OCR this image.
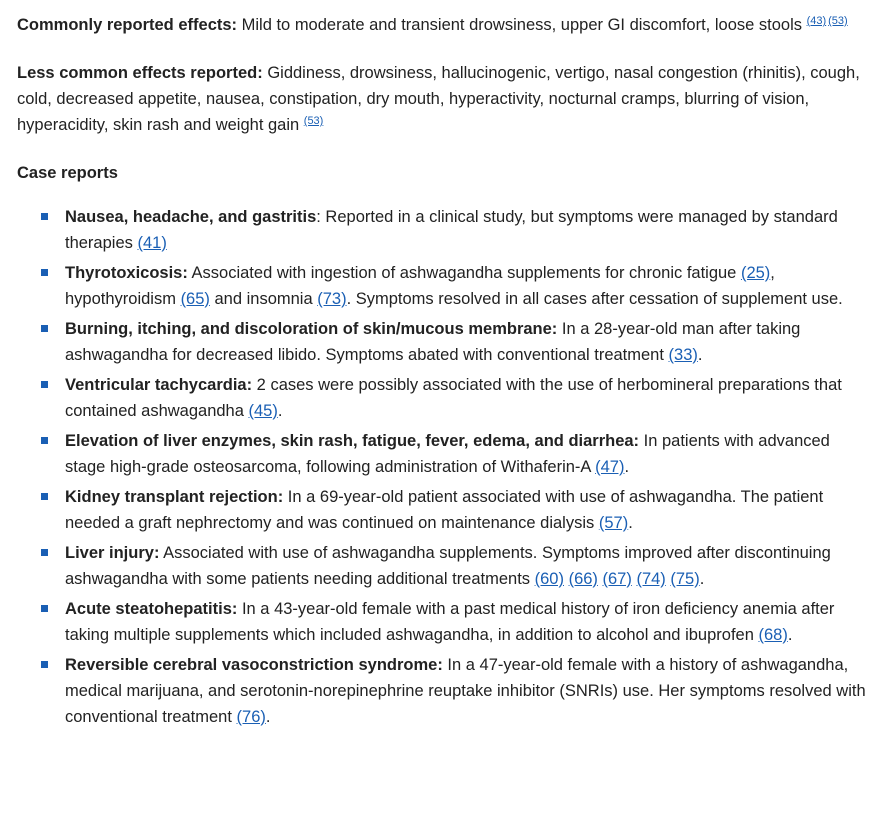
Commonly reported effects: Mild to moderate and transient drowsiness, upper GI discomfort, loose stools $^{(43) (53)}$

Less common effects reported: Giddiness, drowsiness, hallucinogenic, vertigo, nasal congestion (rhinitis), cough, cold, decreased appetite, nausea, constipation, dry mouth, hyperactivity, nocturnal cramps, blurring of vision, hyperacidity, skin rash and weight gain $^{(53)}$

Case reports
Nausea, headache, and gastritis: Reported in a clinical study, but symptoms were managed by standard therapies (41)
Thyrotoxicosis: Associated with ingestion of ashwagandha supplements for chronic fatigue (25), hypothyroidism (65) and insomnia (73). Symptoms resolved in all cases after cessation of supplement use.
Burning, itching, and discoloration of skin/mucous membrane: In a 28-year-old man after taking ashwagandha for decreased libido. Symptoms abated with conventional treatment (33).
Ventricular tachycardia: 2 cases were possibly associated with the use of herbomineral preparations that contained ashwagandha (45).
Elevation of liver enzymes, skin rash, fatigue, fever, edema, and diarrhea: In patients with advanced stage high-grade osteosarcoma, following administration of Withaferin-A (47).
Kidney transplant rejection: In a 69-year-old patient associated with use of ashwagandha. The patient needed a graft nephrectomy and was continued on maintenance dialysis (57).
Liver injury: Associated with use of ashwagandha supplements. Symptoms improved after discontinuing ashwagandha with some patients needing additional treatments (60) (66) (67) (74) (75).
Acute steatohepatitis: In a 43-year-old female with a past medical history of iron deficiency anemia after taking multiple supplements which included ashwagandha, in addition to alcohol and ibuprofen (68).
Reversible cerebral vasoconstriction syndrome: In a 47-year-old female with a history of ashwagandha, medical marijuana, and serotonin-norepinephrine reuptake inhibitor (SNRIs) use. Her symptoms resolved with conventional treatment (76).
